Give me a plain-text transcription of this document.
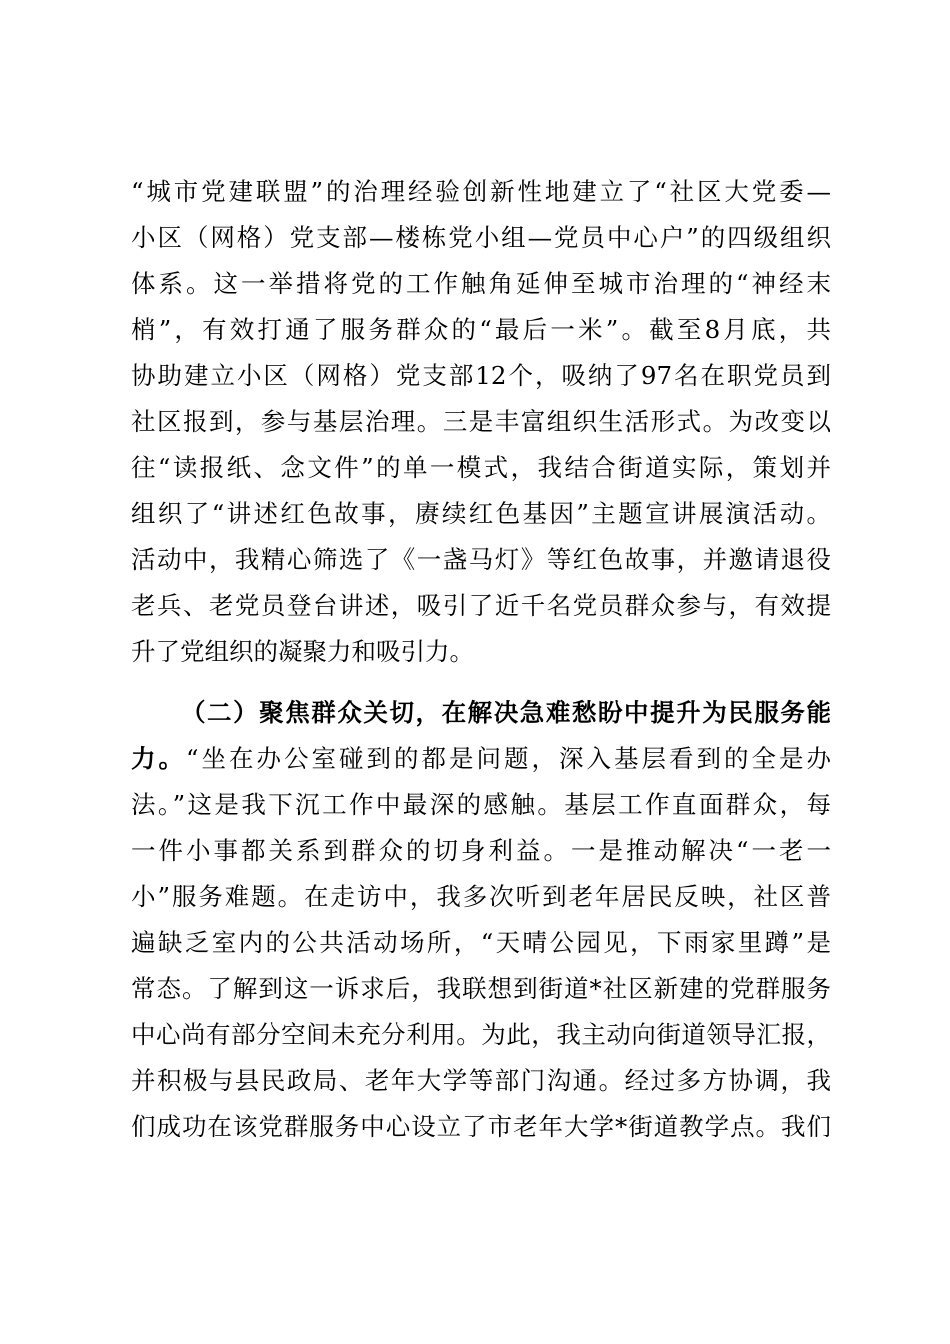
“城市党建联盟”的治理经验创新性地建立了“社区大党委—
小区（网格）党支部—楼栋党小组—党员中心户”的四级组织
体系。这一举措将党的工作触角延伸至城市治理的“神经末
梢”，有效打通了服务群众的“最后一米”。截至8月底，共
协助建立小区（网格）党支部12个，吸纳了97名在职党员到
社区报到，参与基层治理。三是丰富组织生活形式。为改变以
往“读报纸、念文件”的单一模式，我结合街道实际，策划并
组织了“讲述红色故事，赓续红色基因”主题宣讲展演活动。
活动中，我精心筛选了《一盏马灯》等红色故事，并邀请退役
老兵、老党员登台讲述，吸引了近千名党员群众参与，有效提
升了党组织的凝聚力和吸引力。
（二）聚焦群众关切，在解决急难愁盼中提升为民服务能
力。“坐在办公室碰到的都是问题，深入基层看到的全是办
法。”这是我下沉工作中最深的感触。基层工作直面群众，每
一件小事都关系到群众的切身利益。一是推动解决“一老一
小”服务难题。在走访中，我多次听到老年居民反映，社区普
遍缺乏室内的公共活动场所，“天晴公园见，下雨家里蹲”是
常态。了解到这一诉求后，我联想到街道*社区新建的党群服务
中心尚有部分空间未充分利用。为此，我主动向街道领导汇报，
并积极与县民政局、老年大学等部门沟通。经过多方协调，我
们成功在该党群服务中心设立了市老年大学*街道教学点。我们
